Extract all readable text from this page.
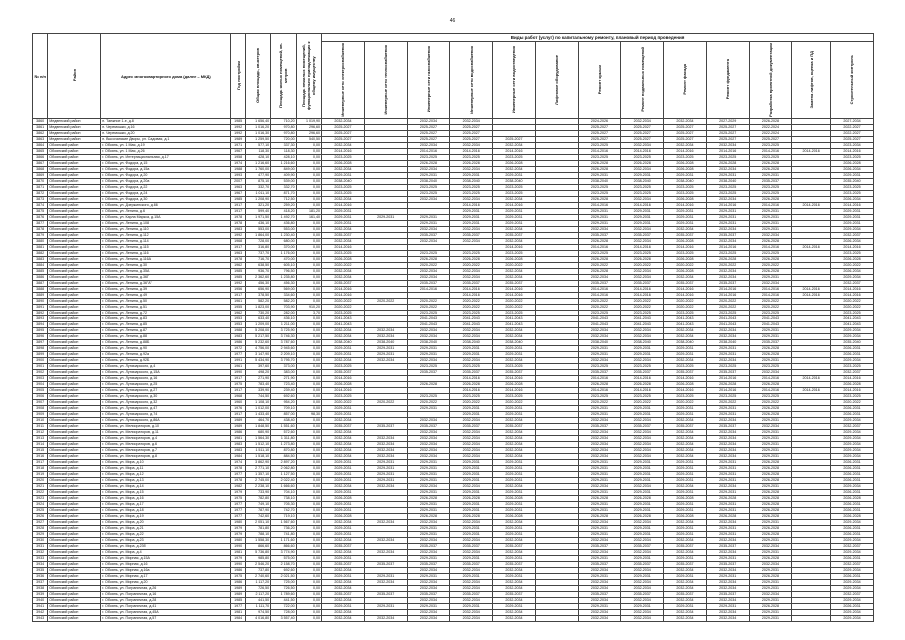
46
№ п/п	Район	Адрес многоквартирного дома (далее – МКД)	Год постройки	Общая площадь, кв.метров	Площадь жилых помещений, кв. метров	Площадь нежилых помещений, функционально принадлежащих к общему имуществу	Виды работ (услуг) по капитальному ремонту, плановый период проведения												
							Инженерные сети электроснабжения	Инженерные сети теплоснабжения	Инженерные сети газоснабжения	Инженерные сети водоснабжения	Инженерные сети водоотведения	Лифтовое оборудование	Ремонт крыши	Ремонт подвальных помещений	Ремонт фасада	Ремонт фундамента	Разработка проектной документации	Замена лифтов, оценка и ПД	Строительный контроль
3860	Медвенский район	п. Таежное 1-е, д.8	1985	1 656,40	710,20	1 019,90	2032-2034		2032-2034	2032-2034			2024-2026	2032-2034	2032-2034	2027-2029	2026-2028		2027-2034
3861	Медвенский район	п. Черемошки, д.16	1992	1 016,20	970,80	296,60	2025-2027		2025-2027	2025-2027			2025-2027	2025-2027	2025-2027	2025-2027	2022-2024		2022-2027
3862	Медвенский район	п. Черемошки, д.20	1992	1 016,30	970,80	296,60	2025-2027		2025-2027	2025-2027			2025-2027	2025-2027	2025-2027	2025-2027	2022-2024		2022-2027
3863	Медвенский район	п. Высочанские Дворы, ул. Садовая, д.1	1989	1 259,50	720,00	540,50	2025-2027		2025-2027	2025-2027	2025-2027		2025-2027	2025-2027	2025-2027	2025-2027	2025-2027		2025-2027
3864	Обоянский район	г. Обоянь, ул. 1 Мая, д.19	1971	577,10	337,30	0,00	2032-2034		2032-2034	2032-2034	2032-2034		2023-2025	2032-2034	2032-2034	2032-2034	2023-2025		2023-2034
3865	Обоянский район	г. Обоянь, ул. 1 Мая, д.26	1967	118,30	118,30	0,00	2014-2016		2014-2016	2014-2016	2014-2016		2014-2016	2014-2016	2014-2016	2014-2016	2014-2016	2014-2016	2014-2016
3866	Обоянский район	г. Обоянь, ул. Интернациональная, д.17	1958	428,10	428,10	0,00	2023-2025		2023-2025	2023-2025	2023-2025		2023-2025	2023-2025	2023-2025	2023-2025	2023-2025		2023-2025
3867	Обоянский район	г. Обоянь, ул. Фодора, д.15	1974	1 216,60	1 216,60	0,00	2026-2028		2026-2028	2026-2028	2026-2028		2026-2028	2026-2028	2026-2028	2026-2028	2026-2028		2026-2028
3868	Обоянский район	г. Обоянь, ул. Фодора, д.15а	1988	1 760,00	849,00	0,00	2032-2034		2032-2034	2032-2034	2032-2034		2026-2028	2032-2034	2026-2028	2032-2034	2026-2028		2026-2034
3869	Обоянский район	г. Обоянь, ул. Фодора, д.20	1993	477,90	409,90	0,00	2029-2031		2029-2031	2029-2031	2029-2031		2029-2031	2029-2031	2029-2031	2029-2031	2029-2031		2029-2031
3870	Обоянский район	г. Обоянь, ул. Фодора, д.20а	2007	875,10	539,00	0,00	2038-2040		2038-2040	2038-2040	2038-2040		2038-2040	2038-2040	2038-2040	2038-2040	2035-2037		2035-2040
3871	Обоянский район	г. Обоянь, ул. Фодора, д.22	1963	332,70	332,70	0,00	2023-2025		2023-2025	2023-2025	2023-2025		2023-2025	2023-2025	2023-2025	2023-2025	2023-2025		2023-2025
3872	Обоянский район	г. Обоянь, ул. Фодора, д.24	1967	1 011,10	871,70	0,00	2023-2025		2023-2025	2023-2025	2023-2025		2023-2025	2023-2025	2023-2025	2023-2025	2023-2025		2023-2025
3873	Обоянский район	г. Обоянь, ул. Фодора, д.30	1985	1 208,90	712,50	0,00	2032-2034		2032-2034	2032-2034	2032-2034		2026-2028	2032-2034	2026-2028	2032-2034	2026-2028		2026-2034
3874	Обоянский район	г. Обоянь, ул. Дзержинского, д.66	1917	321,20	259,20	0,00	2014-2016			2014-2016	2014-2016		2014-2016	2014-2016	2014-2016	2014-2016	2014-2016	2014-2016	2014-2016
3875	Обоянский район	г. Обоянь, ул. Ленина, д.6	1917	599,40	418,20	181,20	2029-2031			2029-2031	2029-2031		2029-2031	2029-2031	2029-2031	2029-2031	2029-2031		2029-2031
3876	Обоянский район	г. Обоянь, ул. Карла Маркса, д.15А	1978	1 971,50	1 492,70	161,40	2029-2031	2029-2031	2029-2031	2029-2031	2029-2031		2029-2031	2029-2031	2029-2031	2029-2031	2029-2031		2029-2031
3877	Обоянский район	г. Обоянь, ул. Ленина, д.108	1978	436,10	436,80	0,00	2029-2031		2029-2031	2029-2031	2029-2031		2029-2031	2029-2031	2029-2031	2029-2031	2029-2031		2029-2031
3878	Обоянский район	г. Обоянь, ул. Ленина, д.110	1983	553,00	553,00	0,00	2032-2034		2032-2034	2032-2034	2032-2034		2032-2034	2032-2034	2032-2034	2032-2034	2029-2031		2029-2034
3879	Обоянский район	г. Обоянь, ул. Ленина, д.112	1992	1 864,00	1 230,40	0,00	2035-2037		2035-2037	2035-2037	2035-2037		2035-2037	2035-2037	2035-2037	2035-2037	2032-2034		2032-2037
3880	Обоянский район	г. Обоянь, ул. Ленина, д.114	1968	728,00	680,00	0,00	2032-2034		2032-2034	2032-2034	2032-2034		2026-2028	2032-2034	2026-2028	2032-2034	2026-2028		2026-2034
3881	Обоянский район	г. Обоянь, ул. Ленина, д.115	1917	316,80	370,00	0,00	2014-2016				2014-2016		2014-2016	2014-2016	2014-2016	2014-2016	2014-2016	2014-2016	2014-2016
3882	Обоянский район	г. Обоянь, ул. Ленина, д.116	1963	737,70	1 176,00	0,00	2023-2025		2023-2025	2023-2025	2023-2025		2023-2025	2023-2025	2023-2025	2023-2025	2023-2025		2023-2025
3883	Обоянский район	г. Обоянь, ул. Ленина, д.116А	1978	716,70	470,00	0,00	2026-2028		2026-2028	2026-2028	2026-2028		2026-2028	2026-2028	2026-2028	2026-2028	2026-2028		2026-2028
3884	Обоянский район	г. Обоянь, ул. Ленина, д.30	1962	638,50	605,10	0,00	2020-2022		2020-2022	2020-2022	2020-2022		2020-2022	2020-2022	2020-2022	2020-2022	2020-2022		2020-2022
3885	Обоянский район	г. Обоянь, ул. Ленина, д.35А	1985	936,70	796,50	0,00	2032-2034		2032-2034	2032-2034	2032-2034		2026-2028	2032-2034	2026-2028	2032-2034	2026-2028		2026-2034
3886	Обоянский район	г. Обоянь, ул. Ленина, д.36Г	1985	2 362,60	1 235,80	0,00	2032-2034		2032-2034	2032-2034	2032-2034		2032-2034	2032-2034	2032-2034	2032-2034	2029-2031		2029-2034
3887	Обоянский район	г. Обоянь, ул. Ленина, д.36"А"	1992	456,30	456,30	0,00	2035-2037		2035-2037	2035-2037	2035-2037		2035-2037	2035-2037	2035-2037	2035-2037	2032-2034		2032-2037
3888	Обоянский район	г. Обоянь, ул. Ленина, д.39	1956	656,90	569,00	0,00	2014-2016		2014-2016	2014-2016	2014-2016		2014-2016	2014-2016	2014-2016	2014-2016	2014-2016	2014-2016	2014-2016
3889	Обоянский район	г. Обоянь, ул. Ленина, д.49	1917	378,50	334,60	0,00	2014-2016			2014-2016	2014-2016		2014-2016	2014-2016	2014-2016	2014-2016	2014-2016	2014-2016	2014-2016
3890	Обоянский район	г. Обоянь, ул. Ленина, д.50	1961	582,20	582,20	0,00	2020-2022	2020-2022	2020-2022	2020-2022	2020-2022		2020-2022	2020-2022	2020-2022	2020-2022	2020-2022		2020-2022
3891	Обоянский район	г. Обоянь, ул. Ленина, д.51	1955	1 823,00	703,90	910,20	2020-2022		2020-2022	2020-2022	2020-2022		2020-2022	2020-2022	2020-2022	2020-2022	2020-2022		2020-2022
3892	Обоянский район	г. Обоянь, ул. Ленина, д.72	1962	730,20	282,00	3,70	2023-2025		2023-2025	2023-2025	2023-2025		2023-2025	2023-2025	2023-2025	2023-2025	2023-2025		2023-2025
3893	Обоянский район	г. Обоянь, ул. Ленина, д.83	1953	633,40	436,10	0,00	2041-2043		2041-2043	2041-2043	2041-2043		2041-2043	2041-2043	2041-2043	2041-2043	2041-2043		2041-2043
3894	Обоянский район	г. Обоянь, ул. Ленина, д.85	1953	1 209,00	1 211,00	0,00	2041-2043		2041-2043	2041-2043	2041-2043		2041-2043	2041-2043	2041-2043	2041-2043	2041-2043		2041-2043
3895	Обоянский район	г. Обоянь, ул. Ленина, д.87	1988	5 208,00	3 725,90	0,00	2032-2034	2032-2034	2032-2034	2032-2034	2032-2034		2032-2034	2032-2034	2032-2034	2032-2034	2029-2031		2029-2034
3896	Обоянский район	г. Обоянь, ул. Ленина, д.88	1983	5 217,50	3 746,30	0,00	2032-2034	2032-2034	2032-2034	2032-2034	2032-2034		2032-2034	2032-2034	2032-2034	2032-2034	2029-2031		2029-2034
3897	Обоянский район	г. Обоянь, ул. Ленина, д.88Б	1986	5 232,60	3 787,60	0,00	2038-2040	2038-2040	2038-2040	2038-2040	2038-2040		2038-2040	2038-2040	2038-2040	2038-2040	2035-2037		2035-2040
3898	Обоянский район	г. Обоянь, ул. Ленина, д.90	1972	4 756,00	2 945,60	0,00	2029-2031	2029-2031	2029-2031	2029-2031	2029-2031		2029-2031	2029-2031	2029-2031	2029-2031	2026-2028		2026-2031
3899	Обоянский район	г. Обоянь, ул. Ленина, д.92а	1977	3 147,90	2 209,10	0,00	2029-2031	2029-2031	2029-2031	2029-2031	2029-2031		2029-2031	2029-2031	2029-2031	2029-2031	2026-2028		2026-2031
3900	Обоянский район	г. Обоянь, ул. Ленина, д.92Б	1991	5 434,90	3 795,70	0,00	2032-2034	2032-2034	2032-2034	2032-2034	2032-2034		2032-2034	2032-2034	2032-2034	2032-2034	2029-2031		2029-2034
3901	Обоянский район	г. Обоянь, ул. Луначарского, д.4	1961	397,60	373,00	0,00	2023-2025		2023-2025	2023-2025	2023-2025		2023-2025	2023-2025	2023-2025	2023-2025	2023-2025		2023-2025
3902	Обоянский район	г. Обоянь, ул. Луначарского, д.15А	1990	498,20	383,00	0,00	2035-2037		2035-2037	2035-2037	2035-2037		2035-2037	2035-2037	2035-2037	2035-2037	2032-2034		2032-2037
3903	Обоянский район	г. Обоянь, ул. Луначарского, д.16	1917	271,90	271,90	0,00	2014-2016			2014-2016	2014-2016		2014-2016	2014-2016	2014-2016	2014-2016	2014-2016	2014-2016	2014-2016
3904	Обоянский район	г. Обоянь, ул. Луначарского, д.25	1975	783,40	723,40	0,00	2026-2028		2026-2028	2026-2028	2026-2028		2026-2028	2026-2028	2026-2028	2026-2028	2026-2028		2026-2028
3905	Обоянский район	г. Обоянь, ул. Луначарского, д.27	1917	339,90	239,40	0,00	2014-2016			2014-2016	2014-2016		2014-2016	2014-2016	2014-2016	2014-2016	2014-2016	2014-2016	2014-2016
3906	Обоянский район	г. Обоянь, ул. Луначарского, д.30	1968	744,50	692,60	0,00	2023-2025		2023-2025	2023-2025	2023-2025		2023-2025	2023-2025	2023-2025	2023-2025	2023-2025		2023-2025
3907	Обоянский район	г. Обоянь, ул. Луначарского, д.32	1960	1 108,10	954,20	0,00	2020-2022	2020-2022	2020-2022	2020-2022	2020-2022		2020-2022	2020-2022	2020-2022	2020-2022	2020-2022		2020-2022
3908	Обоянский район	г. Обоянь, ул. Луначарского, д.47	1976	1 012,00	709,10	0,00	2029-2031		2029-2031	2029-2031	2029-2031		2029-2031	2029-2031	2029-2031	2029-2031	2026-2028		2026-2031
3909	Обоянский район	г. Обоянь, ул. Луначарского, д.74	1917	1 433,40	857,00	98,30	2029-2031			2029-2031	2029-2031		2029-2031	2029-2031	2029-2031	2029-2031	2026-2028		2026-2031
3910	Обоянский район	г. Обоянь, ул. Луначарского, д.86А	1989	464,70	438,40	0,00	2032-2034		2032-2034	2032-2034	2032-2034		2032-2034	2032-2034	2032-2034	2032-2034	2029-2031		2029-2034
3911	Обоянский район	г. Обоянь, ул. Мелиораторов, д.10	1989	1 848,50	1 551,60	0,00	2035-2037	2035-2037	2035-2037	2035-2037	2035-2037		2035-2037	2035-2037	2035-2037	2035-2037	2032-2034		2032-2037
3912	Обоянский район	г. Обоянь, ул. Мелиораторов, д.11	1986	680,90	572,60	0,00	2032-2034		2032-2034	2032-2034	2032-2034		2032-2034	2032-2034	2032-2034	2032-2034	2029-2031		2029-2034
3913	Обоянский район	г. Обоянь, ул. Мелиораторов, д.4	1981	1 564,30	1 311,80	0,00	2032-2034	2032-2034	2032-2034	2032-2034	2032-2034		2032-2034	2032-2034	2032-2034	2032-2034	2029-2031		2029-2034
3914	Обоянский район	г. Обоянь, ул. Мелиораторов, д.6	1983	1 512,10	1 273,80	0,00	2032-2034	2032-2034	2032-2034	2032-2034	2032-2034		2032-2034	2032-2034	2032-2034	2032-2034	2029-2031		2029-2034
3915	Обоянский район	г. Обоянь, ул. Мелиораторов, д.7	1983	1 511,10	870,80	0,00	2032-2034	2032-2034	2032-2034	2032-2034	2032-2034		2032-2034	2032-2034	2032-2034	2032-2034	2029-2031		2029-2034
3916	Обоянский район	г. Обоянь, ул. Мелиораторов, д.8	1984	1 518,10	884,50	0,00	2032-2034	2032-2034	2032-2034	2032-2034	2032-2034		2032-2034	2032-2034	2032-2034	2032-2034	2029-2031		2029-2034
3917	Обоянский район	г. Обоянь, ул. Мира, д.10	1974	3 862,90	2 897,20	0,00	2029-2031	2029-2031	2029-2031	2029-2031	2029-2031		2029-2031	2029-2031	2029-2031	2029-2031	2026-2028		2026-2031
3918	Обоянский район	г. Обоянь, ул. Мира, д.11	1978	2 771,10	2 062,80	0,00	2029-2031	2029-2031	2029-2031	2029-2031	2029-2031		2029-2031	2029-2031	2029-2031	2029-2031	2026-2028		2026-2031
3919	Обоянский район	г. Обоянь, ул. Мира, д.12	1977	1 357,10	1 127,50	0,00	2029-2031	2029-2031	2029-2031	2029-2031	2029-2031		2029-2031	2029-2031	2029-2031	2029-2031	2026-2028		2026-2031
3920	Обоянский район	г. Обоянь, ул. Мира, д.13	1978	2 745,00	2 022,40	0,00	2029-2031	2029-2031	2029-2031	2029-2031	2029-2031		2029-2031	2029-2031	2029-2031	2029-2031	2026-2028		2026-2031
3921	Обоянский район	г. Обоянь, ул. Мира, д.14	1982	2 238,10	1 666,60	0,00	2032-2034	2032-2034	2032-2034	2032-2034	2032-2034		2032-2034	2032-2034	2032-2034	2032-2034	2029-2031		2029-2034
3922	Обоянский район	г. Обоянь, ул. Мира, д.15	1979	733,90	704,10	0,00	2029-2031		2029-2031	2029-2031	2029-2031		2029-2031	2029-2031	2029-2031	2029-2031	2026-2028		2026-2031
3923	Обоянский район	г. Обоянь, ул. Мира, д.16	1975	782,80	738,10	0,00	2026-2028		2026-2028	2026-2028	2026-2028		2026-2028	2026-2028	2026-2028	2026-2028	2026-2028		2026-2028
3924	Обоянский район	г. Обоянь, ул. Мира, д.17	1977	749,10	705,30	0,00	2029-2031		2029-2031	2029-2031	2029-2031		2029-2031	2029-2031	2029-2031	2029-2031	2026-2028		2026-2031
3925	Обоянский район	г. Обоянь, ул. Мира, д.18	1977	787,90	742,70	0,00	2029-2031		2029-2031	2029-2031	2029-2031		2029-2031	2029-2031	2029-2031	2029-2031	2026-2028		2026-2031
3926	Обоянский район	г. Обоянь, ул. Мира, д.19	1977	742,60	719,10	0,00	2026-2028		2026-2028	2026-2028	2026-2028		2026-2028	2026-2028	2026-2028	2026-2028	2026-2028		2026-2028
3927	Обоянский район	г. Обоянь, ул. Мира, д.20	1980	2 051,10	1 567,60	0,00	2032-2034	2032-2034	2032-2034	2032-2034	2032-2034		2032-2034	2032-2034	2032-2034	2032-2034	2029-2031		2029-2034
3928	Обоянский район	г. Обоянь, ул. Мира, д.21	1979	781,80	736,20	0,00	2029-2031		2029-2031	2029-2031	2029-2031		2029-2031	2029-2031	2029-2031	2029-2031	2026-2028		2026-2031
3929	Обоянский район	г. Обоянь, ул. Мира, д.22	1979	788,10	741,80	0,00	2029-2031		2029-2031	2029-2031	2029-2031		2029-2031	2029-2031	2029-2031	2029-2031	2026-2028		2026-2031
3930	Обоянский район	г. Обоянь, ул. Мира, д.23	1980	1 558,30	1 171,60	0,00	2032-2034	2032-2034	2032-2034	2032-2034	2032-2034		2032-2034	2032-2034	2032-2034	2032-2034	2029-2031		2029-2034
3931	Обоянский район	г. Обоянь, ул. Мира, д.23б	1990	866,60	866,60	0,00	2035-2037		2035-2037	2035-2037	2035-2037		2035-2037	2035-2037	2035-2037	2035-2037	2032-2034		2032-2037
3932	Обоянский район	г. Обоянь, ул. Мира, д.4	1981	5 736,80	3 774,90	0,00	2032-2034	2032-2034	2032-2034	2032-2034	2032-2034		2032-2034	2032-2034	2032-2034	2032-2034	2029-2031		2029-2034
3933	Обоянский район	г. Обоянь, ул. Мирная, д.15А	1979	985,80	575,00	0,00	2029-2031		2029-2031	2029-2031	2029-2031		2029-2031	2029-2031	2029-2031	2029-2031	2026-2028		2026-2031
3934	Обоянский район	г. Обоянь, ул. Мирная, д.16	1990	2 546,20	2 158,70	0,00	2035-2037	2035-2037	2035-2037	2035-2037	2035-2037		2035-2037	2035-2037	2035-2037	2035-2037	2032-2034		2032-2037
3935	Обоянский район	г. Обоянь, ул. Мирная, д.16а	1986	737,80	692,60	0,00	2032-2034		2032-2034	2032-2034	2032-2034		2032-2034	2032-2034	2032-2034	2032-2034	2029-2031		2029-2034
3936	Обоянский район	г. Обоянь, ул. Мирная, д.17	1975	2 740,60	2 021,50	0,00	2029-2031	2029-2031	2029-2031	2029-2031	2029-2031		2029-2031	2029-2031	2029-2031	2029-2031	2026-2028		2026-2031
3937	Обоянский район	г. Обоянь, ул. Мирная, д.20	1986	1 117,20	725,00	0,00	2032-2034	2032-2034	2032-2034	2032-2034	2032-2034		2032-2034	2032-2034	2032-2034	2032-2034	2029-2031		2029-2034
3938	Обоянский район	г. Обоянь, ул. Пограничная, д.26	1989	726,50	726,50	0,00	2032-2034		2032-2034	2032-2034	2032-2034		2032-2034	2032-2034	2032-2034	2032-2034	2029-2031		2029-2034
3939	Обоянский район	г. Обоянь, ул. Пограничная, д.16	1989	2 117,20	1 789,60	0,00	2035-2037	2035-2037	2035-2037	2035-2037	2035-2037		2035-2037	2035-2037	2035-2037	2035-2037	2032-2034		2032-2037
3940	Обоянский район	г. Обоянь, ул. Пограничная, д.28	1985	441,50	441,50	0,00	2032-2034		2032-2034	2032-2034	2032-2034		2032-2034	2032-2034	2032-2034	2032-2034	2029-2031		2029-2034
3941	Обоянский район	г. Обоянь, ул. Пограничная, д.41	1977	1 111,70	722,00	0,00	2029-2031	2029-2031	2029-2031	2029-2031	2029-2031		2029-2031	2029-2031	2029-2031	2029-2031	2026-2028		2026-2031
3942	Обоянский район	г. Обоянь, ул. Пограничная, д.45А	1981	974,50	728,00	0,00	2032-2034		2032-2034	2032-2034	2032-2034		2032-2034	2032-2034	2032-2034	2032-2034	2029-2031		2029-2034
3943	Обоянский район	г. Обоянь, ул. Пограничная, д.57	1984	4 016,80	3 557,40	0,00	2032-2034	2032-2034	2032-2034	2032-2034	2032-2034		2032-2034	2032-2034	2032-2034	2032-2034	2029-2031		2029-2034
